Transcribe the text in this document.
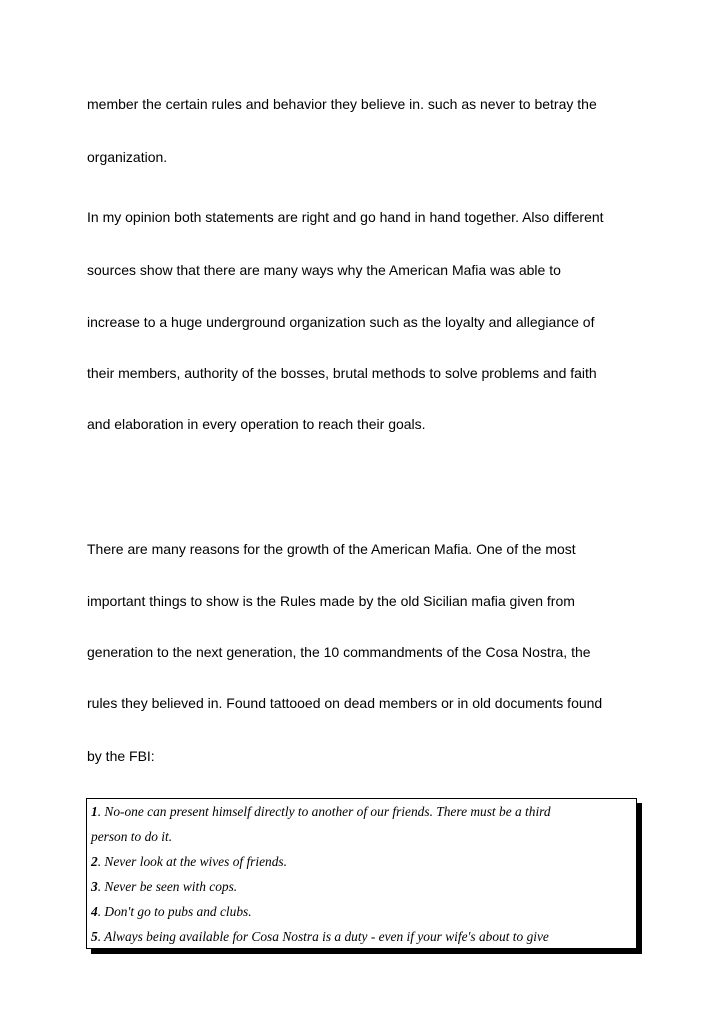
member the certain rules and behavior they believe in. such as never to betray the
organization.
In my opinion both statements are right and go hand in hand together. Also different
sources show that there are many ways why the American Mafia was able to
increase to a huge underground organization such as the loyalty and allegiance of
their members, authority of the bosses, brutal methods to solve problems and faith
and elaboration in every operation to reach their goals.
There are many reasons for the growth of the American Mafia. One of the most
important things to show is the Rules made by the old Sicilian mafia given from
generation to the next generation, the 10 commandments of the Cosa Nostra, the
rules they believed in. Found tattooed on dead members or in old documents found
by the FBI:
1. No-one can present himself directly to another of our friends. There must be a third
person to do it.
2. Never look at the wives of friends.
3. Never be seen with cops.
4. Don't go to pubs and clubs.
5. Always being available for Cosa Nostra is a duty - even if your wife's about to give
